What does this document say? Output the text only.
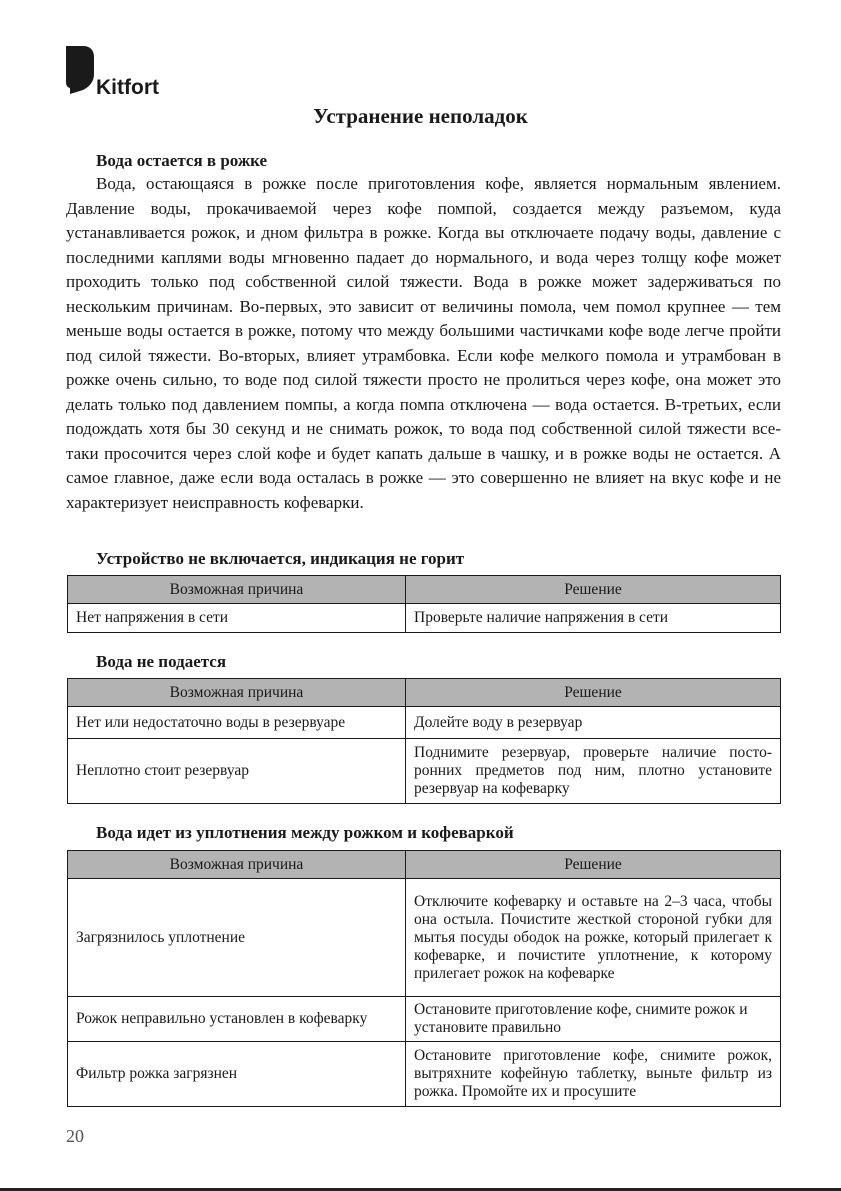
Kitfort
Устранение неполадок
Вода остается в рожке

Вода, остающаяся в рожке после приготовления кофе, является нормальным явлением. Давление воды, прокачиваемой через кофе помпой, создается между разъемом, куда устанавливается рожок, и дном фильтра в рожке. Когда вы отключаете подачу воды, давление с последними каплями воды мгновенно падает до нормального, и вода через толщу кофе может проходить только под собственной силой тяжести. Вода в рожке может задерживаться по нескольким причинам. Во-первых, это зависит от величины помола, чем помол крупнее — тем меньше воды остается в рожке, потому что между большими частичками кофе воде легче пройти под силой тяжести. Во-вторых, влияет утрамбовка. Если кофе мелкого помола и утрамбован в рожке очень сильно, то воде под силой тяжести просто не пролиться через кофе, она может это делать только под давлением помпы, а когда помпа отключена — вода остается. В-третьих, если подождать хотя бы 30 секунд и не снимать рожок, то вода под собственной силой тяжести все-таки просочится через слой кофе и будет капать дальше в чашку, и в рожке воды не остается. А самое главное, даже если вода осталась в рожке — это совершенно не влияет на вкус кофе и не характеризует неисправность кофеварки.

Устройство не включается, индикация не горит
Возможная причина	Решение
Нет напряжения в сети	Проверьте наличие напряжения в сети
Вода не подается
Возможная причина	Решение
Нет или недостаточно воды в резервуаре	Долейте воду в резервуар
Неплотно стоит резервуар	Поднимите резервуар, проверьте наличие посторонних предметов под ним, плотно установите резервуар на кофеварку
Вода идет из уплотнения между рожком и кофеваркой
Возможная причина	Решение
Загрязнилось уплотнение	Отключите кофеварку и оставьте на 2–3 часа, чтобы она остыла. Почистите жесткой стороной губки для мытья посуды ободок на рожке, который прилегает к кофеварке, и почистите уплотнение, к которому прилегает рожок на кофеварке
Рожок неправильно установлен в кофеварку	Остановите приготовление кофе, снимите рожок и установите правильно
Фильтр рожка загрязнен	Остановите приготовление кофе, снимите рожок, вытряхните кофейную таблетку, выньте фильтр из рожка. Промойте их и просушите
20
